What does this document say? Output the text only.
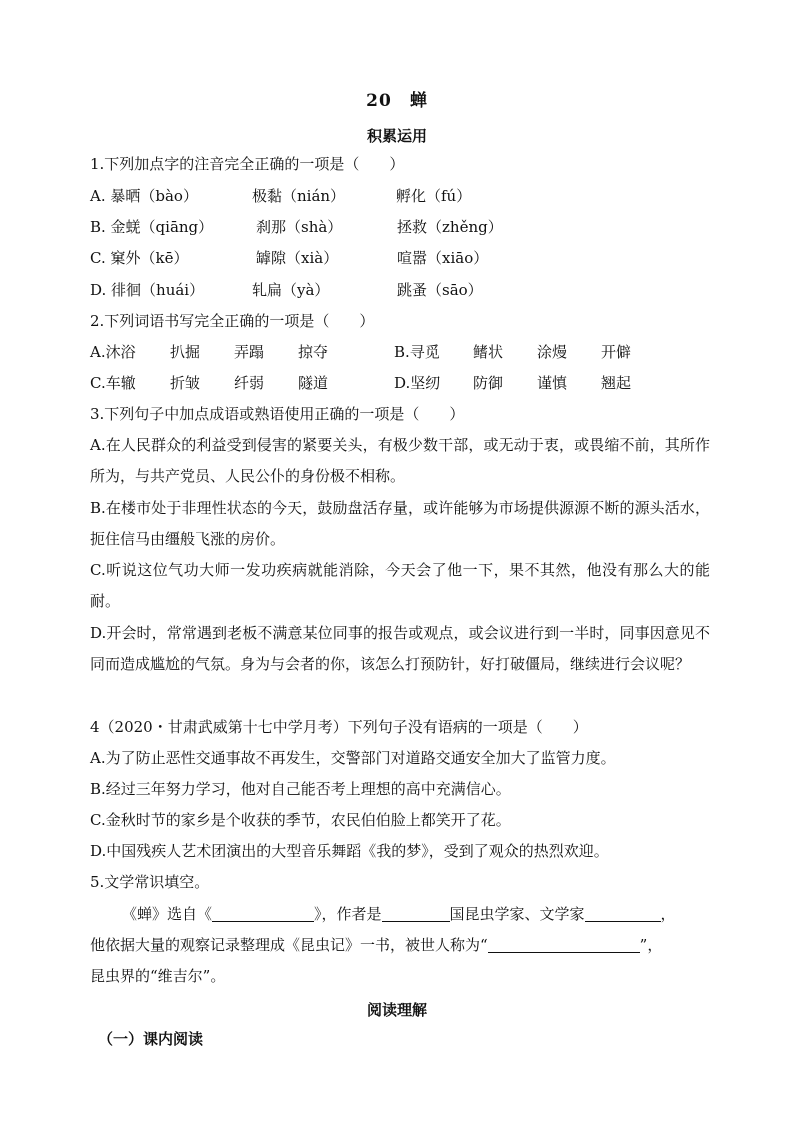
20　蝉
积累运用
1.下列加点字的注音完全正确的一项是（　　）
A. 暴晒（bào）	极黏（nián）	孵化（fú）
B. 金蜣（qiāng）	刹那（shà）	拯救（zhěng）
C. 窠外（kē）	罅隙（xià）	喧嚣（xiāo）
D. 徘徊（huái）	轧扁（yà）	跳蚤（sāo）
2.下列词语书写完全正确的一项是（　　）
A.沐浴 扒掘 弄蹋 掠夺	B.寻觅 鳍状 涂熳 开僻
C.车辙 折皱 纤弱 隧道	D.坚纫 防御 谨慎 翘起
3.下列句子中加点成语或熟语使用正确的一项是（　　）
A.在人民群众的利益受到侵害的紧要关头，有极少数干部，或无动于衷，或畏缩不前，其所作所为，与共产党员、人民公仆的身份极不相称。
B.在楼市处于非理性状态的今天，鼓励盘活存量，或许能够为市场提供源源不断的源头活水，扼住信马由缰般飞涨的房价。
C.听说这位气功大师一发功疾病就能消除，今天会了他一下，果不其然，他没有那么大的能耐。
D.开会时，常常遇到老板不满意某位同事的报告或观点，或会议进行到一半时，同事因意见不同而造成尴尬的气氛。身为与会者的你，该怎么打预防针，好打破僵局，继续进行会议呢？
4（2020・甘肃武威第十七中学月考）下列句子没有语病的一项是（　　）
A.为了防止恶性交通事故不再发生，交警部门对道路交通安全加大了监管力度。
B.经过三年努力学习，他对自己能否考上理想的高中充满信心。
C.金秋时节的家乡是个收获的季节，农民伯伯脸上都笑开了花。
D.中国残疾人艺术团演出的大型音乐舞蹈《我的梦》，受到了观众的热烈欢迎。
5.文学常识填空。
《蝉》选自《	》，作者是	国昆虫学家、文学家	，
他依据大量的观察记录整理成《昆虫记》一书，被世人称为“	”，
昆虫界的“维吉尔”。
阅读理解
（一）课内阅读
